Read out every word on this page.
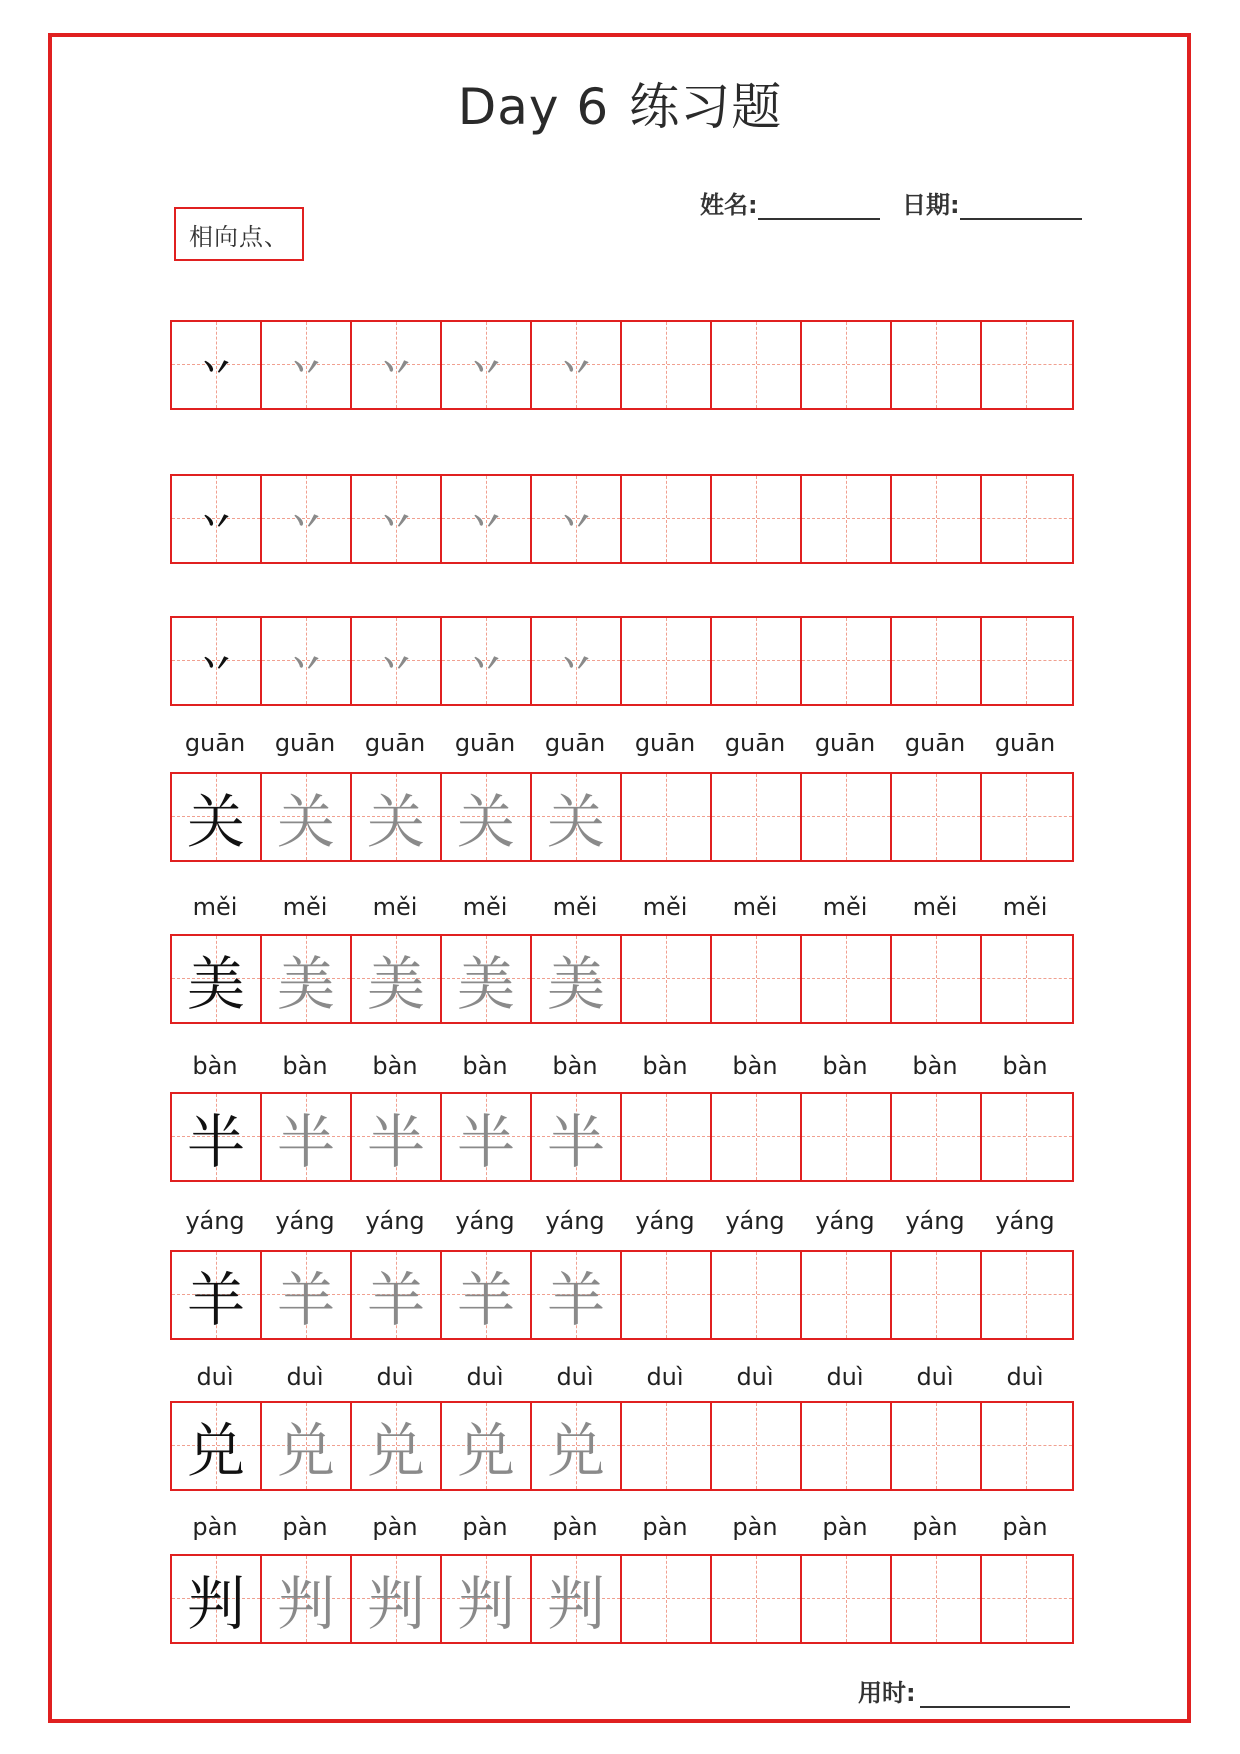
Day 6 练习题
姓名:	日期:
相向点、
丷	丷	丷	丷	丷
丷	丷	丷	丷	丷
丷	丷	丷	丷	丷
guān	guān	guān	guān	guān	guān	guān	guān	guān	guān
关 关 关 关 关
měi	měi	měi	měi	měi	měi	měi	měi	měi	měi
美 美 美 美 美
bàn	bàn	bàn	bàn	bàn	bàn	bàn	bàn	bàn	bàn
半 半 半 半 半
yáng	yáng	yáng	yáng	yáng	yáng	yáng	yáng	yáng	yáng
羊 羊 羊 羊 羊
duì	duì	duì	duì	duì	duì	duì	duì	duì	duì
兑 兑 兑 兑 兑
pàn	pàn	pàn	pàn	pàn	pàn	pàn	pàn	pàn	pàn
判 判 判 判 判
用时:
